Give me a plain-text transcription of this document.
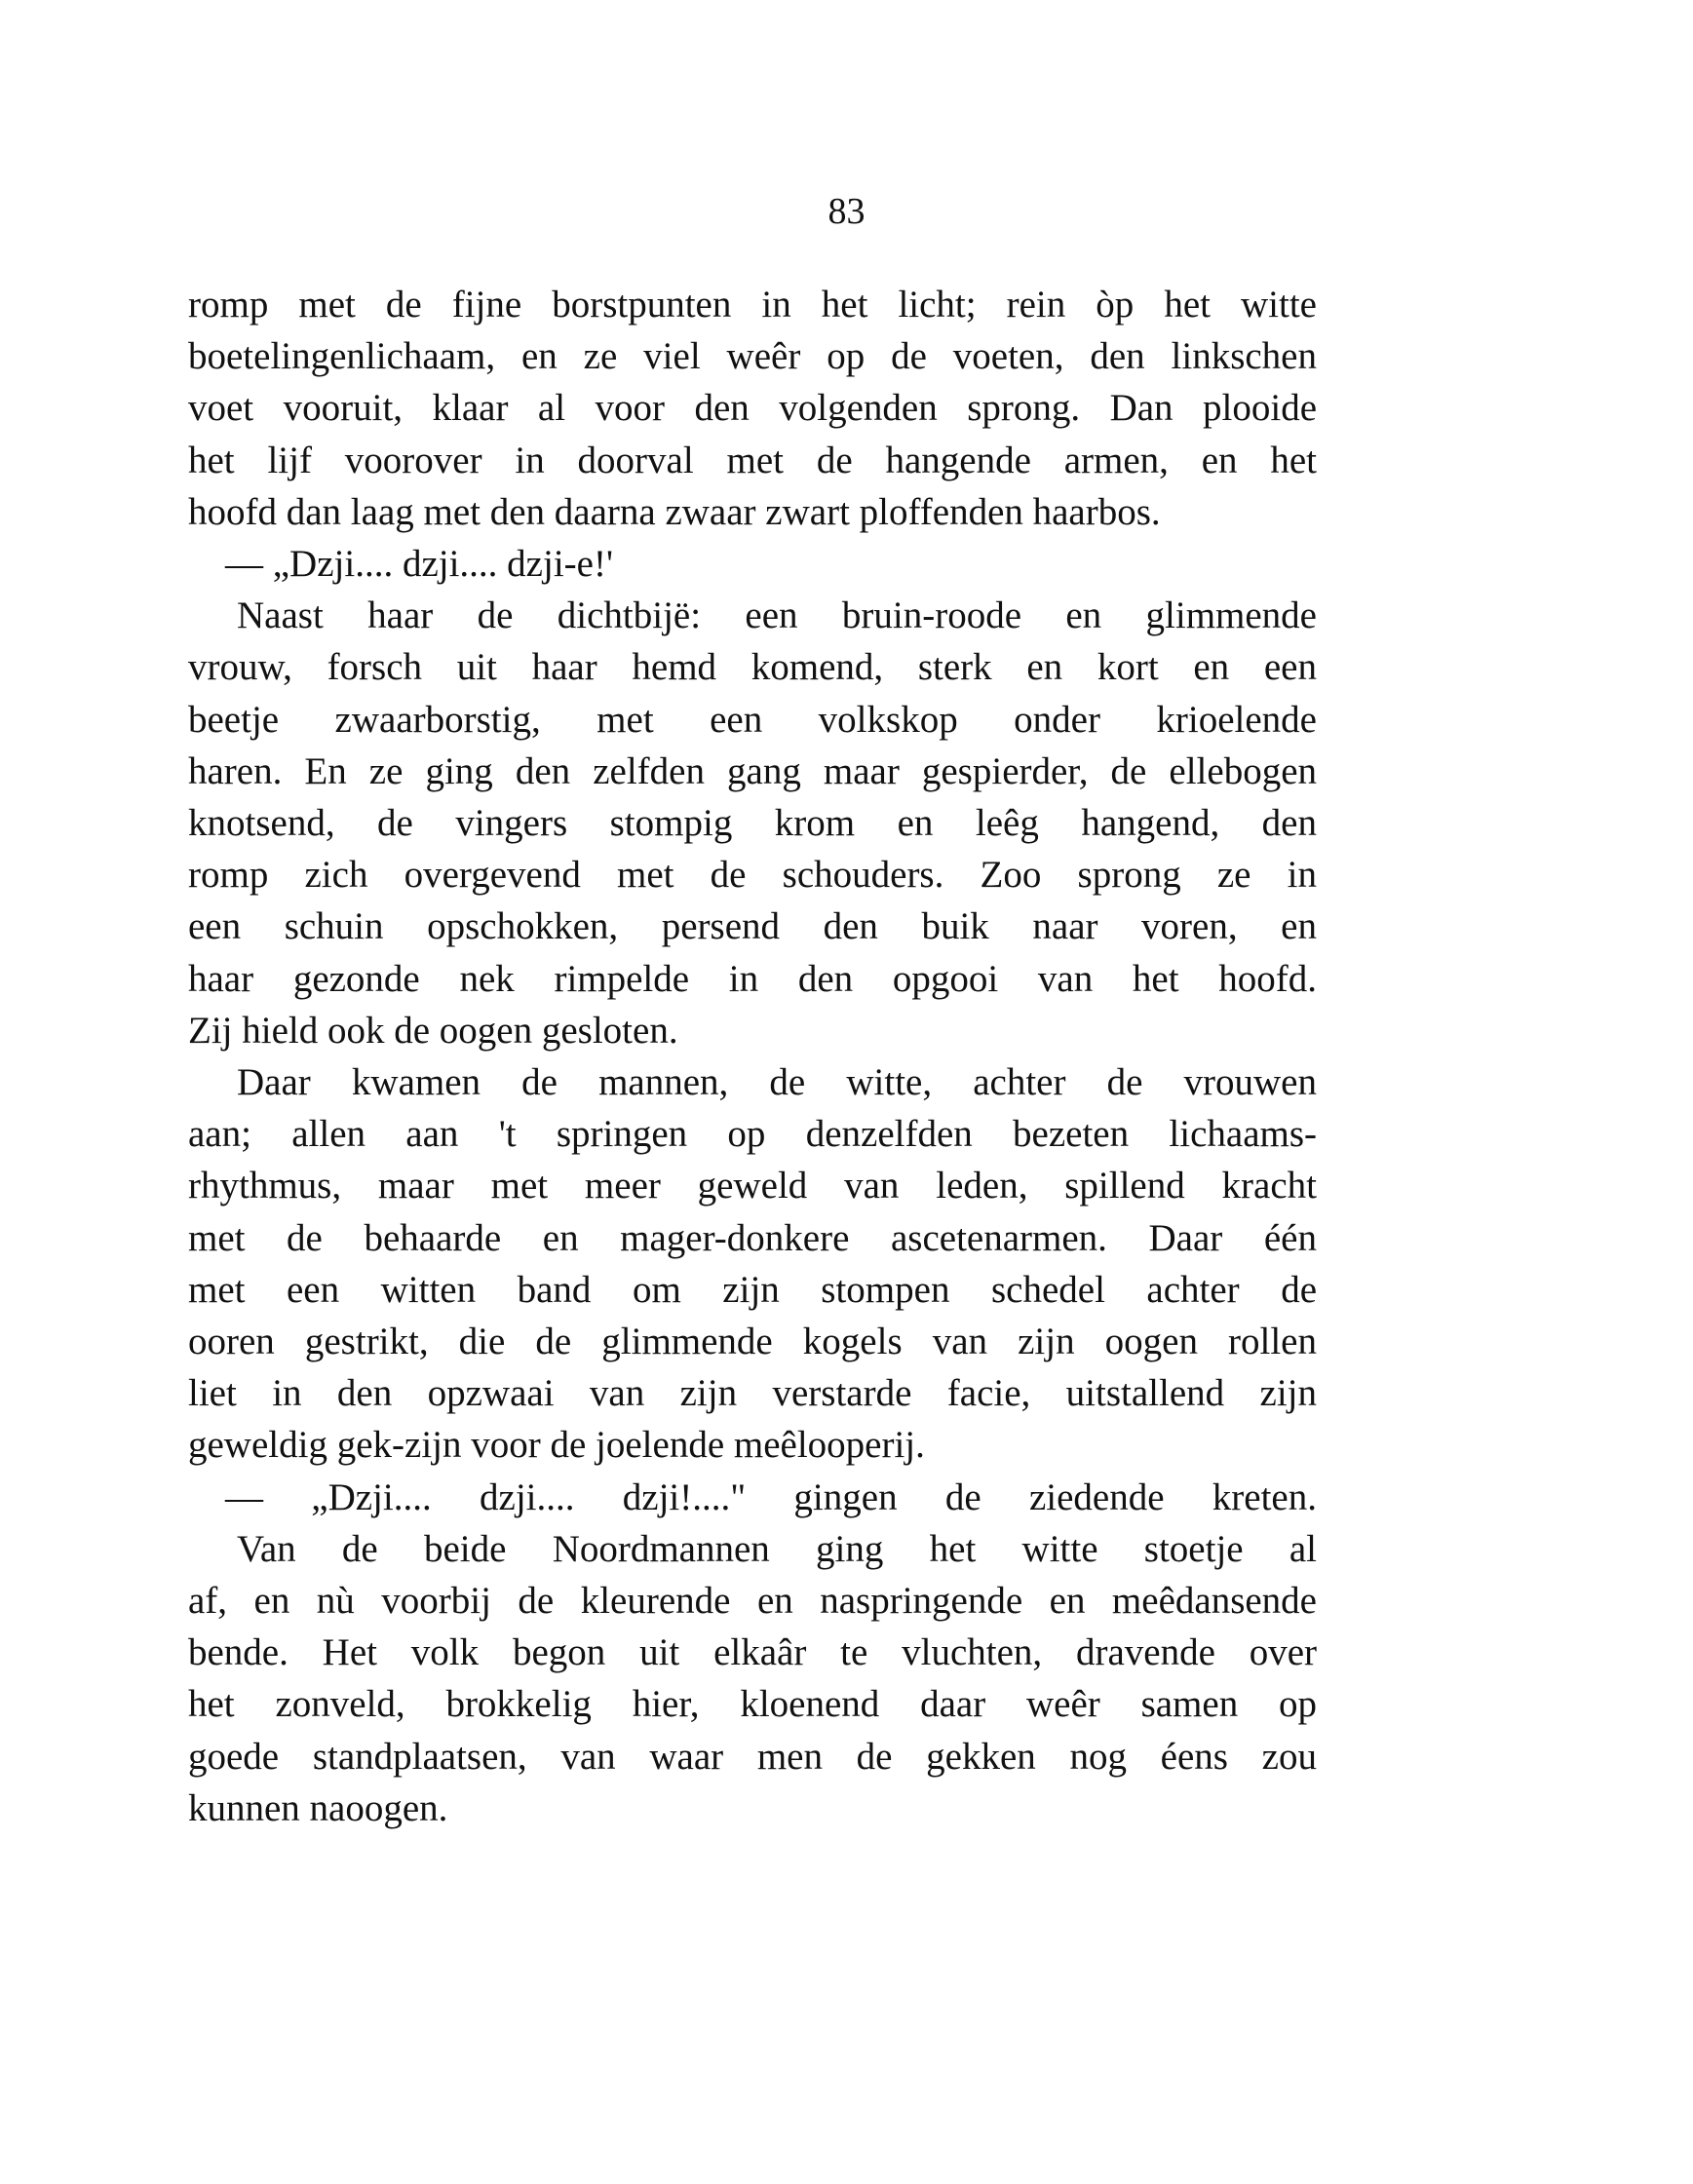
83
romp met de fijne borstpunten in het licht; rein òp het witte
boetelingenlichaam, en ze viel weêr op de voeten, den linkschen
voet vooruit, klaar al voor den volgenden sprong. Dan plooide
het lijf voorover in doorval met de hangende armen, en het
hoofd dan laag met den daarna zwaar zwart ploffenden haarbos.
— „Dzji.... dzji.... dzji-e!'
Naast haar de dichtbijë: een bruin-roode en glimmende
vrouw, forsch uit haar hemd komend, sterk en kort en een
beetje zwaarborstig, met een volkskop onder krioelende
haren. En ze ging den zelfden gang maar gespierder, de ellebogen
knotsend, de vingers stompig krom en leêg hangend, den
romp zich overgevend met de schouders. Zoo sprong ze in
een schuin opschokken, persend den buik naar voren, en
haar gezonde nek rimpelde in den opgooi van het hoofd.
Zij hield ook de oogen gesloten.
Daar kwamen de mannen, de witte, achter de vrouwen
aan; allen aan 't springen op denzelfden bezeten lichaams-
rhythmus, maar met meer geweld van leden, spillend kracht
met de behaarde en mager-donkere ascetenarmen. Daar één
met een witten band om zijn stompen schedel achter de
ooren gestrikt, die de glimmende kogels van zijn oogen rollen
liet in den opzwaai van zijn verstarde facie, uitstallend zijn
geweldig gek-zijn voor de joelende meêlooperij.
— „Dzji.... dzji.... dzji!...." gingen de ziedende kreten.
Van de beide Noordmannen ging het witte stoetje al
af, en nù voorbij de kleurende en naspringende en meêdansende
bende. Het volk begon uit elkaâr te vluchten, dravende over
het zonveld, brokkelig hier, kloenend daar weêr samen op
goede standplaatsen, van waar men de gekken nog éens zou
kunnen naoogen.
